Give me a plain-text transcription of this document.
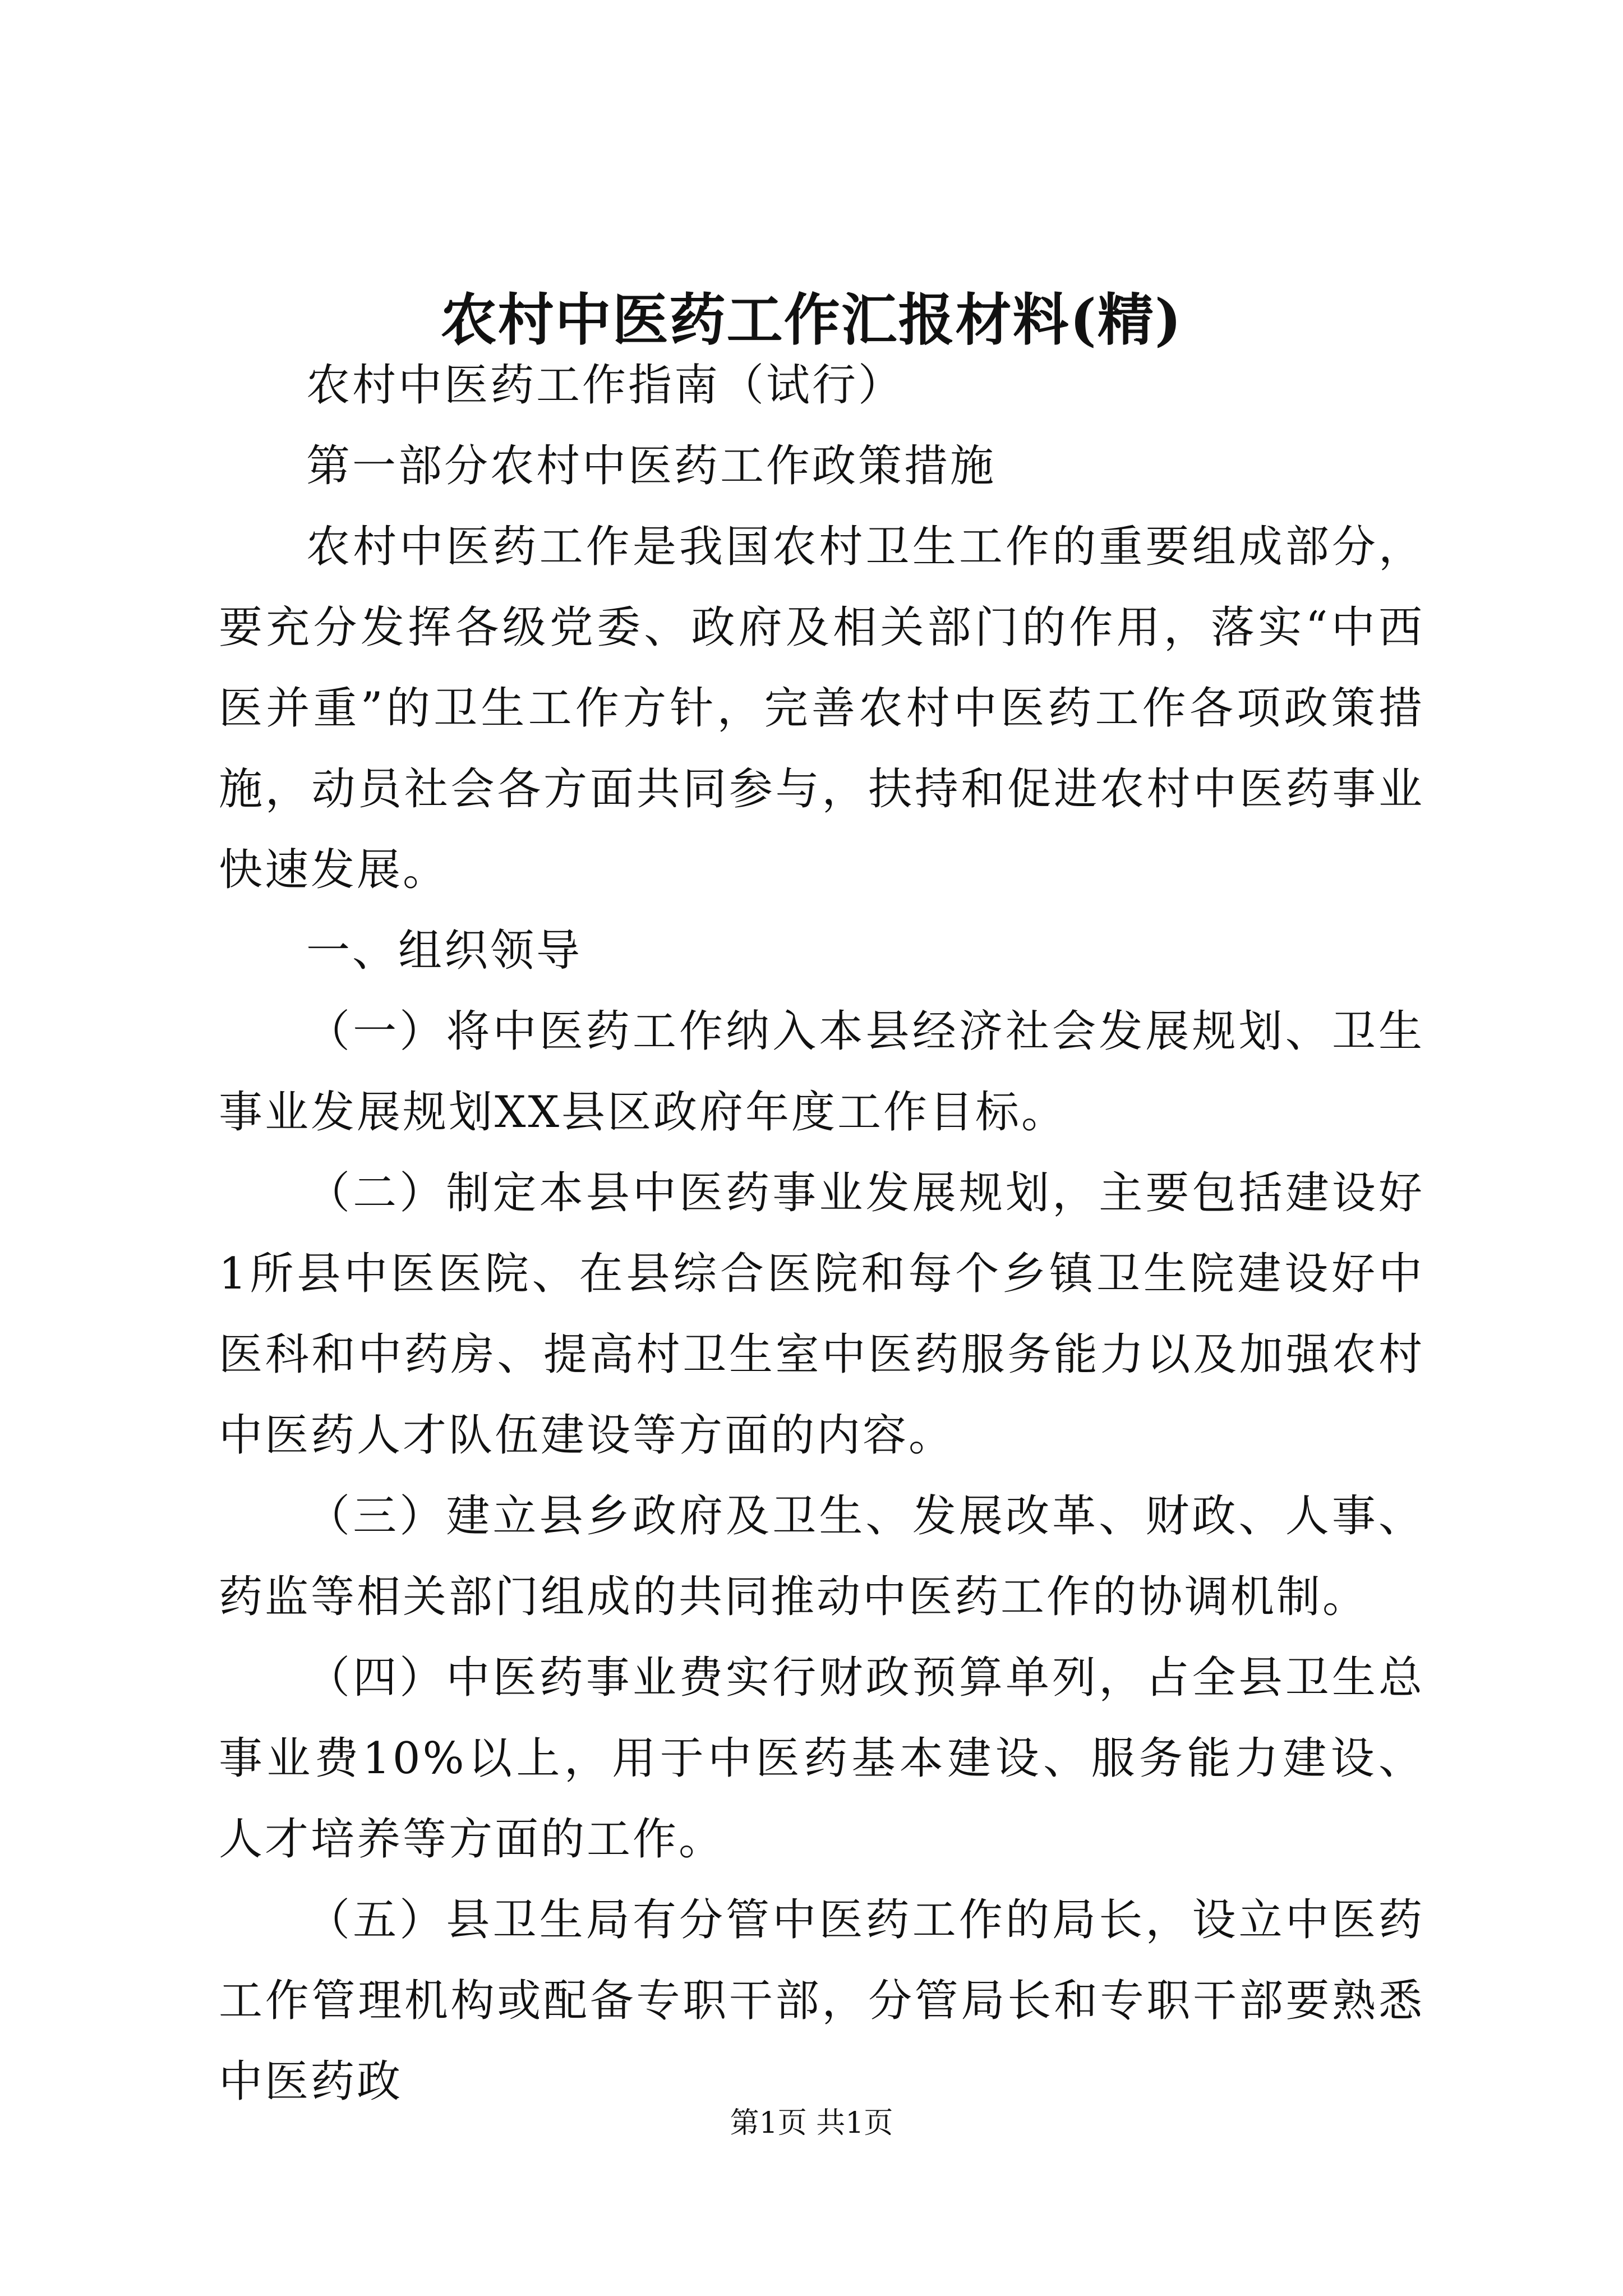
农村中医药工作汇报材料(精)

农村中医药工作指南（试行）

第一部分农村中医药工作政策措施

农村中医药工作是我国农村卫生工作的重要组成部分，要充分发挥各级党委、政府及相关部门的作用，落实“中西医并重”的卫生工作方针，完善农村中医药工作各项政策措施，动员社会各方面共同参与，扶持和促进农村中医药事业快速发展。

一、组织领导

（一）将中医药工作纳入本县经济社会发展规划、卫生事业发展规划XX县区政府年度工作目标。

（二）制定本县中医药事业发展规划，主要包括建设好1所县中医医院、在县综合医院和每个乡镇卫生院建设好中医科和中药房、提高村卫生室中医药服务能力以及加强农村中医药人才队伍建设等方面的内容。

（三）建立县乡政府及卫生、发展改革、财政、人事、药监等相关部门组成的共同推动中医药工作的协调机制。

（四）中医药事业费实行财政预算单列，占全县卫生总事业费10%以上，用于中医药基本建设、服务能力建设、人才培养等方面的工作。

（五）县卫生局有分管中医药工作的局长，设立中医药工作管理机构或配备专职干部，分管局长和专职干部要熟悉中医药政

第1页 共1页
